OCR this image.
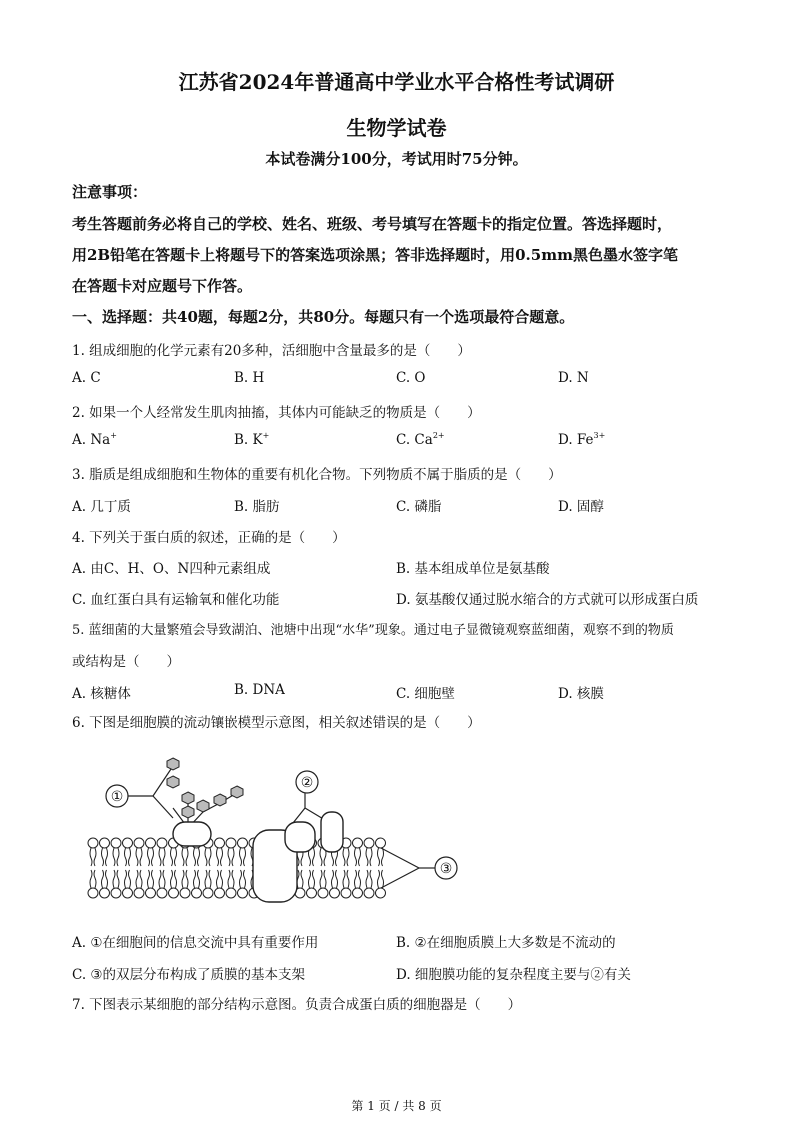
江苏省2024年普通高中学业水平合格性考试调研
生物学试卷
本试卷满分100分，考试用时75分钟。
注意事项：
考生答题前务必将自己的学校、姓名、班级、考号填写在答题卡的指定位置。答选择题时，
用2B铅笔在答题卡上将题号下的答案选项涂黑；答非选择题时，用0.5mm黑色墨水签字笔
在答题卡对应题号下作答。
一、选择题：共40题，每题2分，共80分。每题只有一个选项最符合题意。
1. 组成细胞的化学元素有20多种，活细胞中含量最多的是（　　）
A. C	B. H	C. O	D. N
2. 如果一个人经常发生肌肉抽搐，其体内可能缺乏的物质是（　　）
A. Na+	B. K+	C. $Ca^{2+}$	D. $Fe^{3+}$
3. 脂质是组成细胞和生物体的重要有机化合物。下列物质不属于脂质的是（　　）
A. 几丁质	B. 脂肪	C. 磷脂	D. 固醇
4. 下列关于蛋白质的叙述，正确的是（　　）
A. 由C、H、O、N四种元素组成	B. 基本组成单位是氨基酸
C. 血红蛋白具有运输氧和催化功能	D. 氨基酸仅通过脱水缩合的方式就可以形成蛋白质
5. 蓝细菌的大量繁殖会导致湖泊、池塘中出现“水华”现象。通过电子显微镜观察蓝细菌，观察不到的物质
或结构是（　　）
A. 核糖体	B. DNA	C. 细胞壁	D. 核膜
6. 下图是细胞膜的流动镶嵌模型示意图，相关叙述错误的是（　　）
①
②
③
A. ①在细胞间的信息交流中具有重要作用	B. ②在细胞质膜上大多数是不流动的
C. ③的双层分布构成了质膜的基本支架	D. 细胞膜功能的复杂程度主要与②有关
7. 下图表示某细胞的部分结构示意图。负责合成蛋白质的细胞器是（　　）
第 1 页 / 共 8 页
